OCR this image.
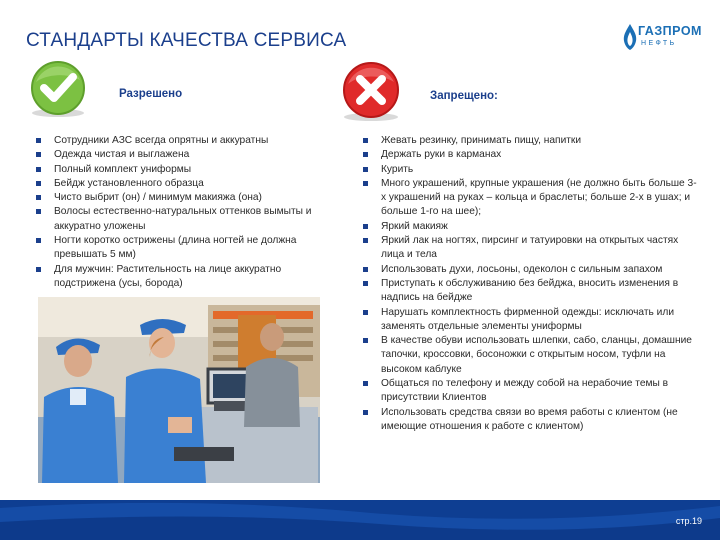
СТАНДАРТЫ КАЧЕСТВА СЕРВИСА	ГАЗПРОМ
НЕФТЬ
Разрешено
Сотрудники АЗС всегда опрятны и аккуратны
Одежда чистая и выглажена
Полный комплект униформы
Бейдж установленного образца
Чисто выбрит (он) / минимум макияжа (она)
Волосы естественно-натуральных оттенков вымыты и аккуратно уложены
Ногти коротко острижены (длина ногтей не должна превышать 5 мм)
Для мужчин: Растительность на лице аккуратно подстрижена (усы, борода)
Запрещено:
Жевать резинку, принимать пищу, напитки
Держать руки в карманах
Курить
Много украшений, крупные украшения (не должно быть больше 3-х украшений на руках – кольца и браслеты; больше 2-х в ушах; и больше 1-го на шее);
Яркий макияж
Яркий лак на ногтях, пирсинг и татуировки на открытых частях лица и тела
Использовать духи, лосьоны, одеколон с сильным запахом
Приступать к обслуживанию без бейджа, вносить изменения в надпись на бейдже
Нарушать комплектность фирменной одежды: исключать или заменять отдельные элементы униформы
В качестве обуви использовать шлепки, сабо, сланцы, домашние тапочки, кроссовки, босоножки с открытым носом, туфли на высоком каблуке
Общаться по телефону и между собой на нерабочие темы в присутствии Клиентов
Использовать средства связи во время работы с клиентом (не имеющие отношения к работе с клиентом)
стр.19
